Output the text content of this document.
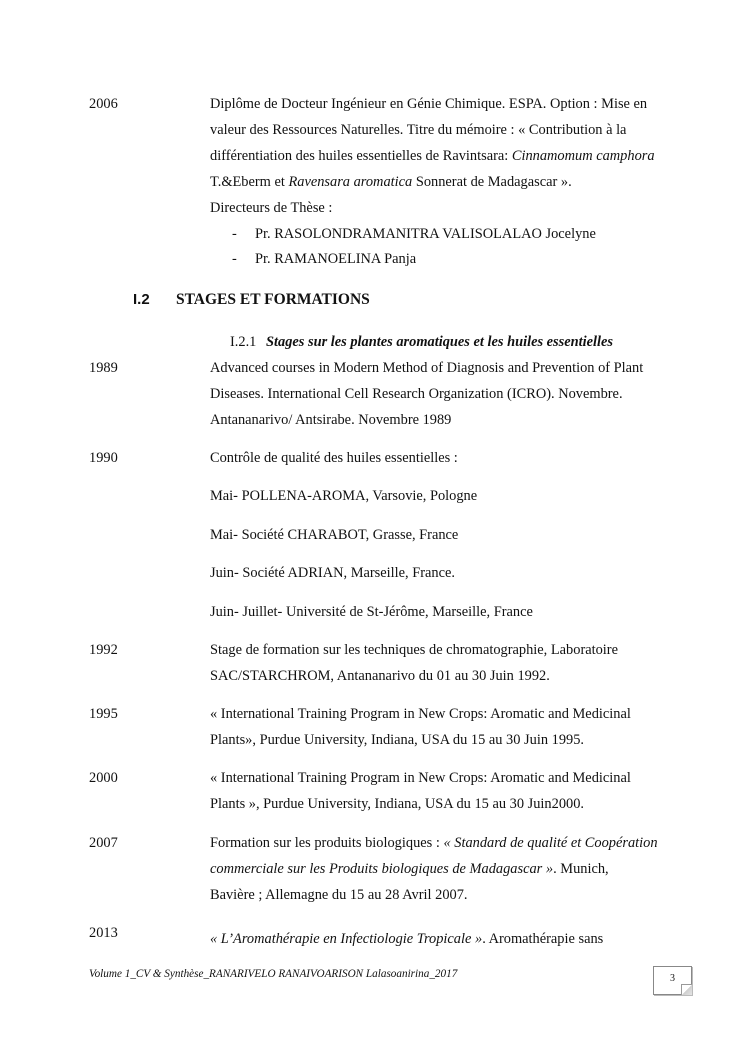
2006	Diplôme de Docteur Ingénieur en Génie Chimique. ESPA. Option : Mise en
valeur des Ressources Naturelles. Titre du mémoire : « Contribution à la
différentiation des huiles essentielles de Ravintsara: Cinnamomum camphora
T.&Eberm et Ravensara aromatica Sonnerat de Madagascar ».
Directeurs de Thèse :
- Pr. RASOLONDRAMANITRA VALISOLALAO Jocelyne
- Pr. RAMANOELINA Panja
I.2 STAGES ET FORMATIONS
I.2.1 Stages sur les plantes aromatiques et les huiles essentielles
1989	Advanced courses in Modern Method of Diagnosis and Prevention of Plant
Diseases. International Cell Research Organization (ICRO). Novembre.
Antananarivo/ Antsirabe. Novembre 1989
1990	Contrôle de qualité des huiles essentielles :
Mai- POLLENA-AROMA, Varsovie, Pologne
Mai- Société CHARABOT, Grasse, France
Juin- Société ADRIAN, Marseille, France.
Juin- Juillet- Université de St-Jérôme, Marseille, France
1992	Stage de formation sur les techniques de chromatographie, Laboratoire
SAC/STARCHROM, Antananarivo du 01 au 30 Juin 1992.
1995	« International Training Program in New Crops: Aromatic and Medicinal
Plants», Purdue University, Indiana, USA du 15 au 30 Juin 1995.
2000	« International Training Program in New Crops: Aromatic and Medicinal
Plants », Purdue University, Indiana, USA du 15 au 30 Juin2000.
2007	Formation sur les produits biologiques : « Standard de qualité et Coopération
commerciale sur les Produits biologiques de Madagascar ». Munich,
Bavière ; Allemagne du 15 au 28 Avril 2007.
2013	« L’Aromathérapie en Infectiologie Tropicale ». Aromathérapie sans
Volume 1_CV & Synthèse_RANARIVELO RANAIVOARISON Lalasoanirina_2017	3
